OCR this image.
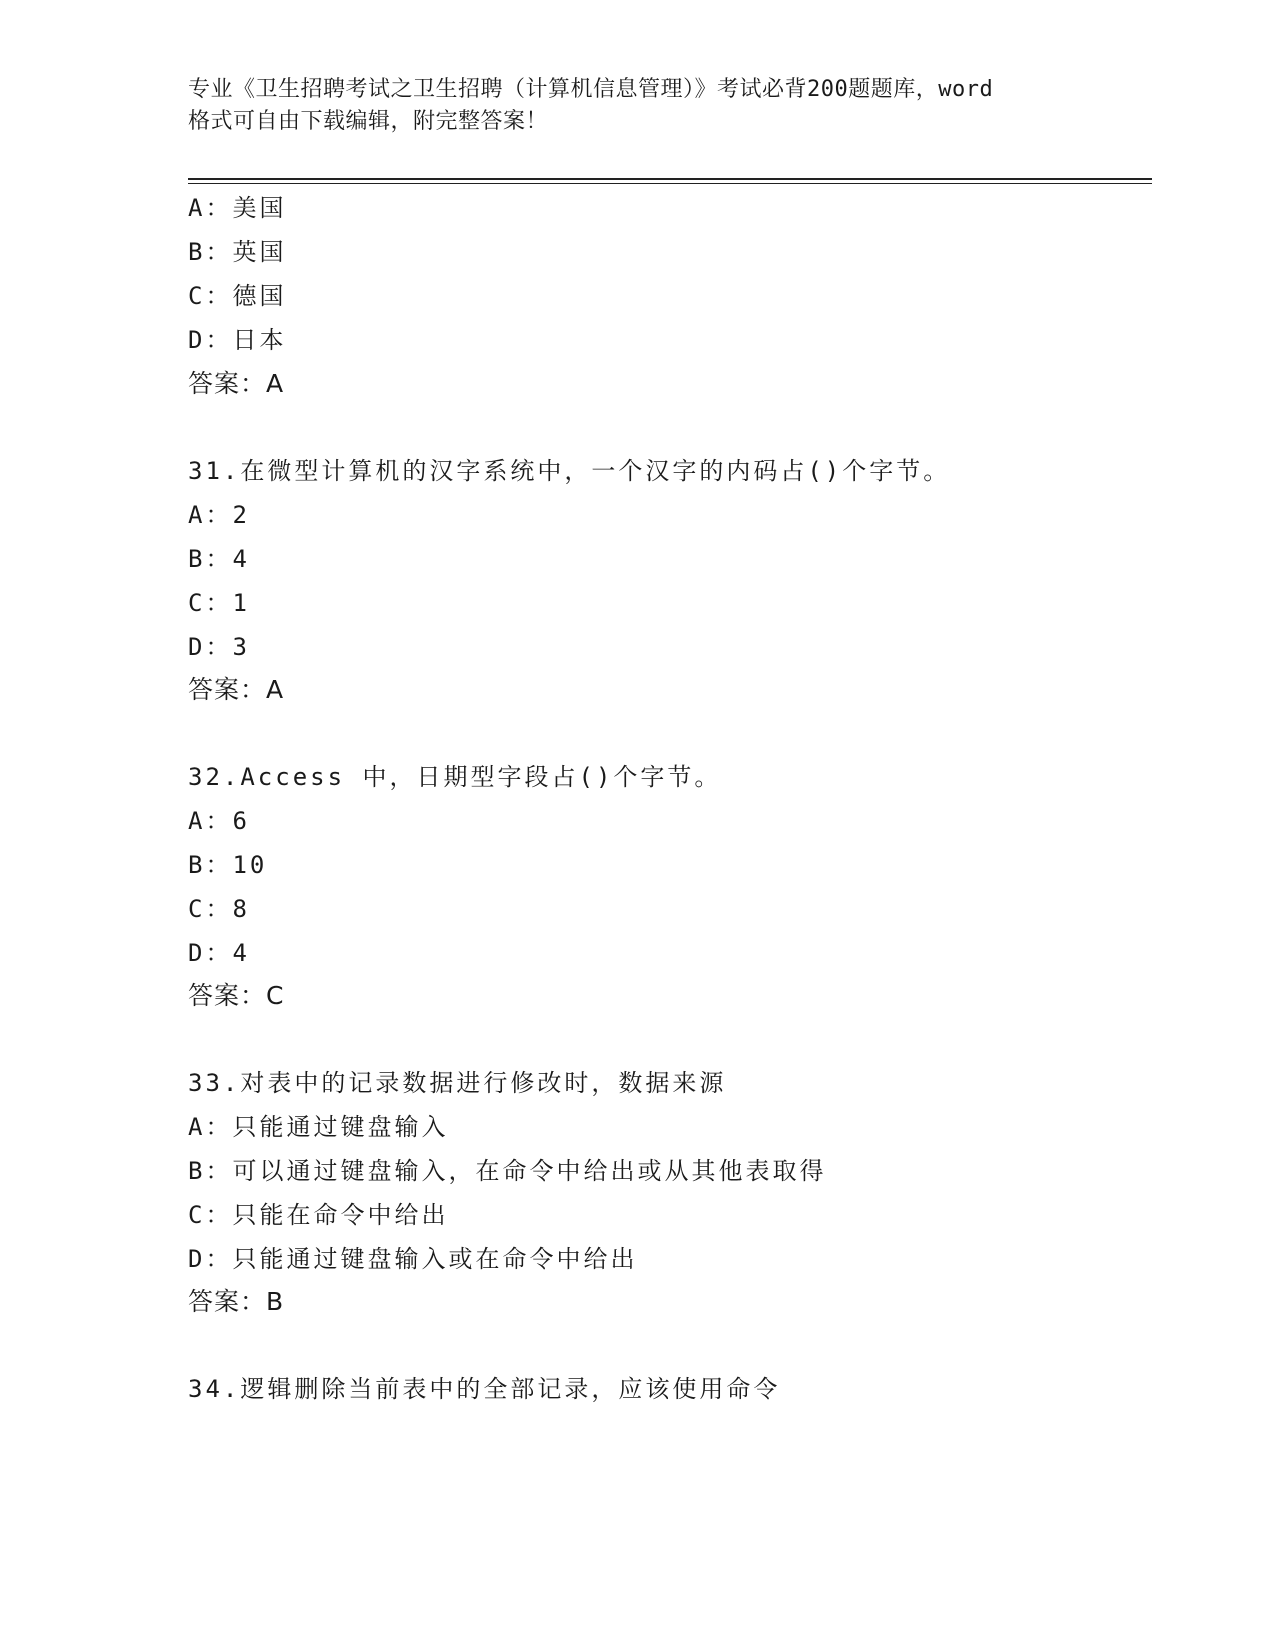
专业《卫生招聘考试之卫生招聘（计算机信息管理）》考试必背200题题库，word
格式可自由下载编辑，附完整答案！
A：美国
B：英国
C：德国
D：日本
答案：A
31.在微型计算机的汉字系统中，一个汉字的内码占()个字节。
A：2
B：4
C：1
D：3
答案：A
32.Access 中，日期型字段占()个字节。
A：6
B：10
C：8
D：4
答案：C
33.对表中的记录数据进行修改时，数据来源
A：只能通过键盘输入
B：可以通过键盘输入，在命令中给出或从其他表取得
C：只能在命令中给出
D：只能通过键盘输入或在命令中给出
答案：B
34.逻辑删除当前表中的全部记录，应该使用命令
